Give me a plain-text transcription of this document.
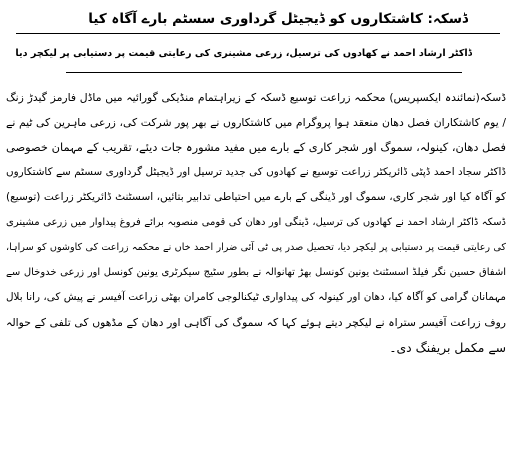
ڈسکہ: کاشتکاروں کو ڈیجیٹل گرداوری سسٹم بارے آگاہ کیا
ڈاکٹر ارشاد احمد نے کھادوں کی ترسیل، زرعی مشینری کی رعایتی قیمت پر دستیابی پر لیکچر دیا
ڈسکہ(نمائندہ ایکسپریس) محکمہ زراعت توسیع ڈسکہ کے زیراہتمام منڈیکی گورائیہ میں ماڈل فارمز گیدڑ زنگ
/ یوم کاشتکاران فصل دھان منعقد ہوا پروگرام میں کاشتکاروں نے بھر پور شرکت کی، زرعی ماہرین کی ٹیم نے
فصل دھان، کینولہ، سموگ اور شجر کاری کے بارے میں مفید مشورہ جات دیئے، تقریب کے مہمان خصوصی
ڈاکٹر سجاد احمد ڈپٹی ڈائریکٹر زراعت توسیع نے کھادوں کی جدید ترسیل اور ڈیجیٹل گرداوری سسٹم سے کاشتکاروں
کو آگاہ کیا اور شجر کاری، سموگ اور ڈینگی کے بارے میں احتیاطی تدابیر بتائیں، اسسٹنٹ ڈائریکٹر زراعت (توسیع)
ڈسکہ ڈاکٹر ارشاد احمد نے کھادوں کی ترسیل، ڈینگی اور دھان کی قومی منصوبہ برائے فروغ پیداوار میں زرعی مشینری
کی رعایتی قیمت پر دستیابی پر لیکچر دیا، تحصیل صدر پی ٹی آئی ضرار احمد خاں نے محکمہ زراعت کی کاوشوں کو سراہا،
اشفاق حسین نگر فیلڈ اسسٹنٹ یونین کونسل بھڑ تھانوالہ نے بطور سٹیج سیکرٹری یونین کونسل اور زرعی خدوخال سے
مہمانان گرامی کو آگاہ کیا، دھان اور کینولہ کی پیداواری ٹیکنالوجی کامران بھٹی زراعت آفیسر نے پیش کی، رانا بلال
روف زراعت آفیسر ستراہ نے لیکچر دیتے ہوئے کہا کہ سموگ کی آگاہی اور دھان کے مڈھوں کی تلفی کے حوالہ
سے مکمل بریفنگ دی۔
